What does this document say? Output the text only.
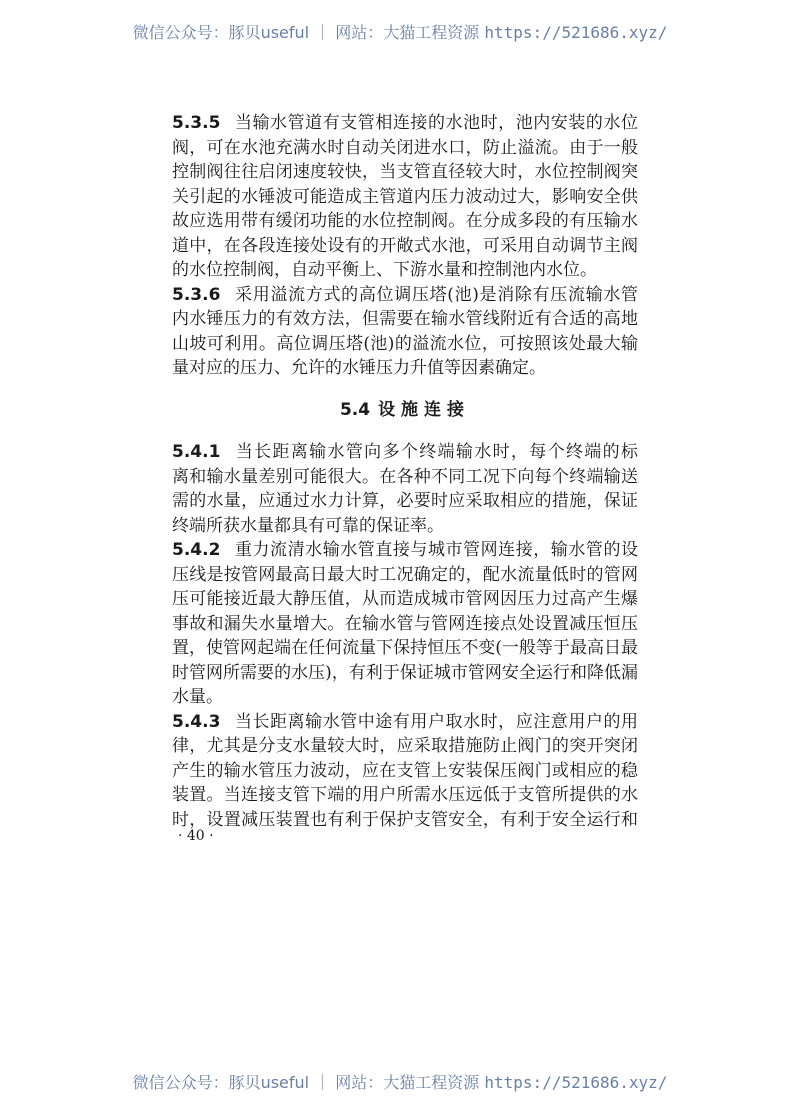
微信公众号：豚贝useful ｜ 网站：大猫工程资源 https://521686.xyz/
5.3.5 当输水管道有支管相连接的水池时，池内安装的水位
阀，可在水池充满水时自动关闭进水口，防止溢流。由于一般
控制阀往往启闭速度较快，当支管直径较大时，水位控制阀突
关引起的水锤波可能造成主管道内压力波动过大，影响安全供
故应选用带有缓闭功能的水位控制阀。在分成多段的有压输水
道中，在各段连接处设有的开敞式水池，可采用自动调节主阀
的水位控制阀，自动平衡上、下游水量和控制池内水位。
5.3.6 采用溢流方式的高位调压塔(池)是消除有压流输水管
内水锤压力的有效方法，但需要在输水管线附近有合适的高地
山坡可利用。高位调压塔(池)的溢流水位，可按照该处最大输
量对应的压力、允许的水锤压力升值等因素确定。
5.4 设施连接
5.4.1 当长距离输水管向多个终端输水时，每个终端的标
离和输水量差别可能很大。在各种不同工况下向每个终端输送
需的水量，应通过水力计算，必要时应采取相应的措施，保证
终端所获水量都具有可靠的保证率。
5.4.2 重力流清水输水管直接与城市管网连接，输水管的设
压线是按管网最高日最大时工况确定的，配水流量低时的管网
压可能接近最大静压值，从而造成城市管网因压力过高产生爆
事故和漏失水量增大。在输水管与管网连接点处设置减压恒压
置，使管网起端在任何流量下保持恒压不变(一般等于最高日最
时管网所需要的水压)，有利于保证城市管网安全运行和降低漏
水量。
5.4.3 当长距离输水管中途有用户取水时，应注意用户的用
律，尤其是分支水量较大时，应采取措施防止阀门的突开突闭
产生的输水管压力波动，应在支管上安装保压阀门或相应的稳
装置。当连接支管下端的用户所需水压远低于支管所提供的水
时，设置减压装置也有利于保护支管安全，有利于安全运行和
· 40 ·
微信公众号：豚贝useful ｜ 网站：大猫工程资源 https://521686.xyz/
